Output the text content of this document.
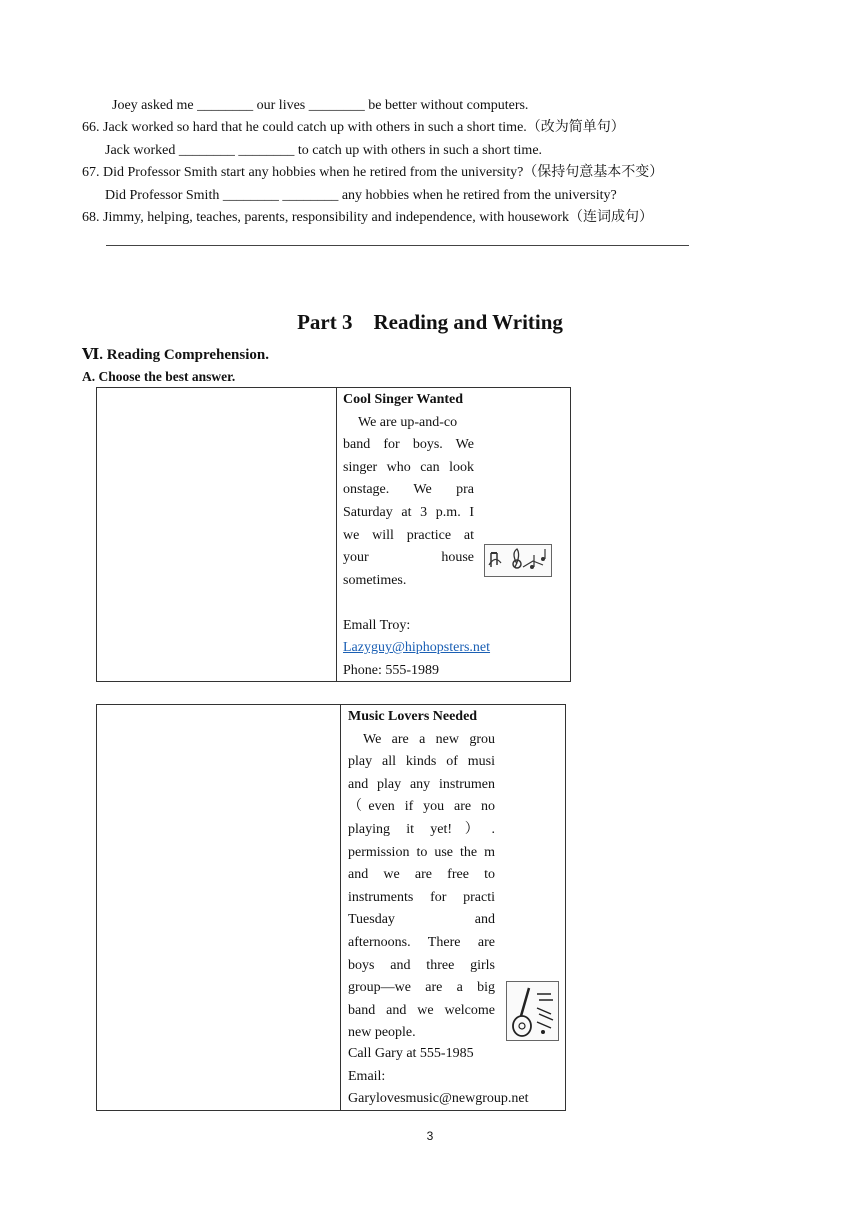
Joey asked me ________ our lives ________ be better without computers.
66. Jack worked so hard that he could catch up with others in such a short time.（改为简单句）
Jack worked ________ ________ to catch up with others in such a short time.
67. Did Professor Smith start any hobbies when he retired from the university?（保持句意基本不变）
Did Professor Smith ________ ________ any hobbies when he retired from the university?
68. Jimmy, helping, teaches, parents, responsibility and independence, with housework（连词成句）
Part 3    Reading and Writing
Ⅵ. Reading Comprehension.
A. Choose the best answer.
Cool Singer Wanted
We are up-and-co
band for boys. We
singer who can look
onstage. We pra
Saturday at 3 p.m. I
we will practice at
your house
sometimes.
Emall Troy:
Lazyguy@hiphopsters.net
Phone: 555-1989
Music Lovers Needed
We are a new grou
play all kinds of musi
and play any instrumen
（even if you are no
playing it yet!）.
permission to use the m
and we are free to
instruments for practi
Tuesday and
afternoons. There are
boys and three girls
group—we are a big
band and we welcome
new people.
Call Gary at 555-1985
Email:
Garylovesmusic@newgroup.net
3
